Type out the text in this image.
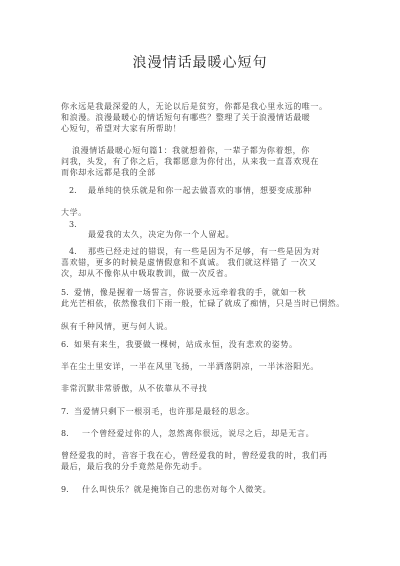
浪漫情话最暖心短句
你永远是我最深爱的人，无论以后是贫穷，你都是我心里永远的唯一。
和浪漫。浪漫最暖心的情话短句有哪些？整理了关于浪漫情话最暖
心短句，希望对大家有所帮助！
浪漫情话最暖心短句篇1：我就想着你，一辈子都为你着想，你
问我，头发，有了你之后，我都愿意为你付出，从来我一直喜欢现在
而你却永远都是我的全部
2. 最单纯的快乐就是和你一起去做喜欢的事情，想要变成那种
大学。
3.
最爱我的太久，决定为你一个人留起。
4. 那些已经走过的错误，有一些是因为不足够，有一些是因为对
喜欢错，更多的时候是虚情假意和不真诚。 我们就这样错了 一次又
次，却从不像你从中吸取教训，做一次反省。
5. 爱情，像是握着一场誓言，你说要永远牵着我的手，就如一秋
此光芒相依，依然像我们下雨一般，忙碌了就成了痴情，只是当时已惘然。
纵有千种风情，更与何人说。
6. 如果有来生，我要做一棵树，站成永恒，没有悲欢的姿势。
半在尘土里安详，一半在风里飞扬，一半洒落阴凉，一半沐浴阳光。
非常沉默非常骄傲，从不依靠从不寻找
7. 当爱情只剩下一根羽毛，也许那是最轻的思念。
8. 一个曾经爱过你的人，忽然离你很远，说尽之后，却是无言。
曾经爱我的时，音容于我在心，曾经爱我的时，曾经爱我的时，我们再
最后，最后我的分手竟然是你先动手。
9. 什么叫快乐？就是掩饰自己的悲伤对每个人微笑。
